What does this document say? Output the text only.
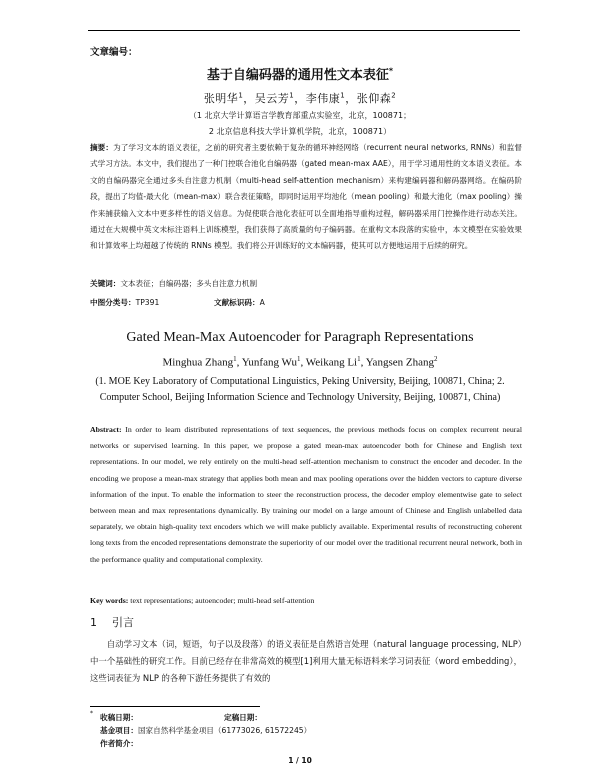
文章编号：
基于自编码器的通用性文本表征*
张明华$^1$，吴云芳$^1$，李伟康$^1$，张仰森$^2$
（1 北京大学计算语言学教育部重点实验室，北京，100871；
2 北京信息科技大学计算机学院，北京，100871）
摘要：为了学习文本的语义表征，之前的研究者主要依赖于复杂的循环神经网络（recurrent neural networks, RNNs）和监督式学习方法。本文中，我们提出了一种门控联合池化自编码器（gated mean-max AAE），用于学习通用性的文本语义表征。本文的自编码器完全通过多头自注意力机制（multi-head self-attention mechanism）来构建编码器和解码器网络。在编码阶段，提出了均值-最大化（mean-max）联合表征策略，即同时运用平均池化（mean pooling）和最大池化（max pooling）操作来捕获输入文本中更多样性的语义信息。为促使联合池化表征可以全面地指导重构过程，解码器采用门控操作进行动态关注。通过在大规模中英文未标注语料上训练模型，我们获得了高质量的句子编码器。在重构文本段落的实验中，本文模型在实验效果和计算效率上均超越了传统的 RNNs 模型。我们将公开训练好的文本编码器，使其可以方便地运用于后续的研究。
关键词：文本表征；自编码器；多头自注意力机制
中图分类号：TP391	文献标识码：A
Gated Mean-Max Autoencoder for Paragraph Representations
Minghua Zhang$^1$, Yunfang Wu$^1$, Weikang Li$^1$, Yangsen Zhang$^2$
(1. MOE Key Laboratory of Computational Linguistics, Peking University, Beijing, 100871, China; 2. Computer School, Beijing Information Science and Technology University, Beijing, 100871, China)
Abstract: In order to learn distributed representations of text sequences, the previous methods focus on complex recurrent neural networks or supervised learning. In this paper, we propose a gated mean-max autoencoder both for Chinese and English text representations. In our model, we rely entirely on the multi-head self-attention mechanism to construct the encoder and decoder. In the encoding we propose a mean-max strategy that applies both mean and max pooling operations over the hidden vectors to capture diverse information of the input. To enable the information to steer the reconstruction process, the decoder employ elementwise gate to select between mean and max representations dynamically. By training our model on a large amount of Chinese and English unlabelled data separately, we obtain high-quality text encoders which we will make publicly available. Experimental results of reconstructing coherent long texts from the encoded representations demonstrate the superiority of our model over the traditional recurrent neural network, both in the performance quality and computational complexity.
Key words: text representations; autoencoder; multi-head self-attention
1 引言
自动学习文本（词，短语，句子以及段落）的语义表征是自然语言处理（natural language processing, NLP）中一个基础性的研究工作。目前已经存在非常高效的模型[1]利用大量无标语料来学习词表征（word embedding），这些词表征为 NLP 的各种下游任务提供了有效的
* 收稿日期：	定稿日期：
基金项目：国家自然科学基金项目（61773026, 61572245）
作者简介：
1 / 10
